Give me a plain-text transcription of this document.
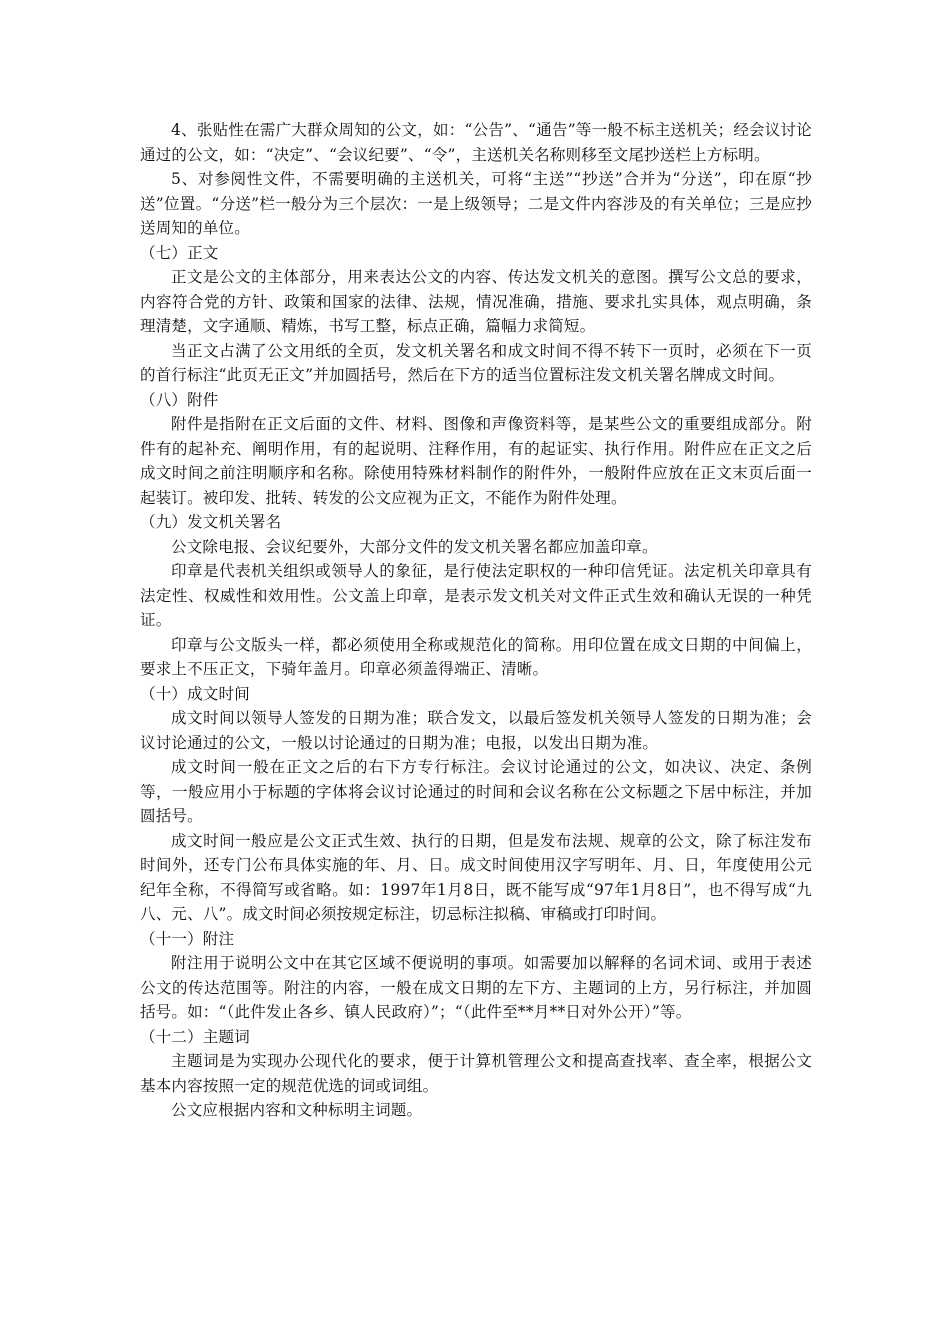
4、张贴性在需广大群众周知的公文，如：“公告”、“通告”等一般不标主送机关；经会议讨论通过的公文，如：“决定”、“会议纪要”、“令”，主送机关名称则移至文尾抄送栏上方标明。

5、对参阅性文件，不需要明确的主送机关，可将“主送”“抄送”合并为“分送”，印在原“抄送”位置。“分送”栏一般分为三个层次：一是上级领导；二是文件内容涉及的有关单位；三是应抄送周知的单位。

（七）正文

正文是公文的主体部分，用来表达公文的内容、传达发文机关的意图。撰写公文总的要求，内容符合党的方针、政策和国家的法律、法规，情况准确，措施、要求扎实具体，观点明确，条理清楚，文字通顺、精炼，书写工整，标点正确，篇幅力求简短。

当正文占满了公文用纸的全页，发文机关署名和成文时间不得不转下一页时，必须在下一页的首行标注“此页无正文”并加圆括号，然后在下方的适当位置标注发文机关署名牌成文时间。

（八）附件

附件是指附在正文后面的文件、材料、图像和声像资料等，是某些公文的重要组成部分。附件有的起补充、阐明作用，有的起说明、注释作用，有的起证实、执行作用。附件应在正文之后成文时间之前注明顺序和名称。除使用特殊材料制作的附件外，一般附件应放在正文末页后面一起装订。被印发、批转、转发的公文应视为正文，不能作为附件处理。

（九）发文机关署名

公文除电报、会议纪要外，大部分文件的发文机关署名都应加盖印章。

印章是代表机关组织或领导人的象征，是行使法定职权的一种印信凭证。法定机关印章具有法定性、权威性和效用性。公文盖上印章，是表示发文机关对文件正式生效和确认无误的一种凭证。

印章与公文版头一样，都必须使用全称或规范化的简称。用印位置在成文日期的中间偏上，要求上不压正文，下骑年盖月。印章必须盖得端正、清晰。

（十）成文时间

成文时间以领导人签发的日期为准；联合发文，以最后签发机关领导人签发的日期为准；会议讨论通过的公文，一般以讨论通过的日期为准；电报，以发出日期为准。

成文时间一般在正文之后的右下方专行标注。会议讨论通过的公文，如决议、决定、条例等，一般应用小于标题的字体将会议讨论通过的时间和会议名称在公文标题之下居中标注，并加圆括号。

成文时间一般应是公文正式生效、执行的日期，但是发布法规、规章的公文，除了标注发布时间外，还专门公布具体实施的年、月、日。成文时间使用汉字写明年、月、日，年度使用公元纪年全称，不得简写或省略。如：1997年1月8日，既不能写成“97年1月8日”，也不得写成“九八、元、八”。成文时间必须按规定标注，切忌标注拟稿、审稿或打印时间。

（十一）附注

附注用于说明公文中在其它区域不便说明的事项。如需要加以解释的名词术词、或用于表述公文的传达范围等。附注的内容，一般在成文日期的左下方、主题词的上方，另行标注，并加圆括号。如：“（此件发止各乡、镇人民政府）”；“（此件至**月**日对外公开）”等。

（十二）主题词

主题词是为实现办公现代化的要求，便于计算机管理公文和提高查找率、查全率，根据公文基本内容按照一定的规范优选的词或词组。

公文应根据内容和文种标明主词题。
